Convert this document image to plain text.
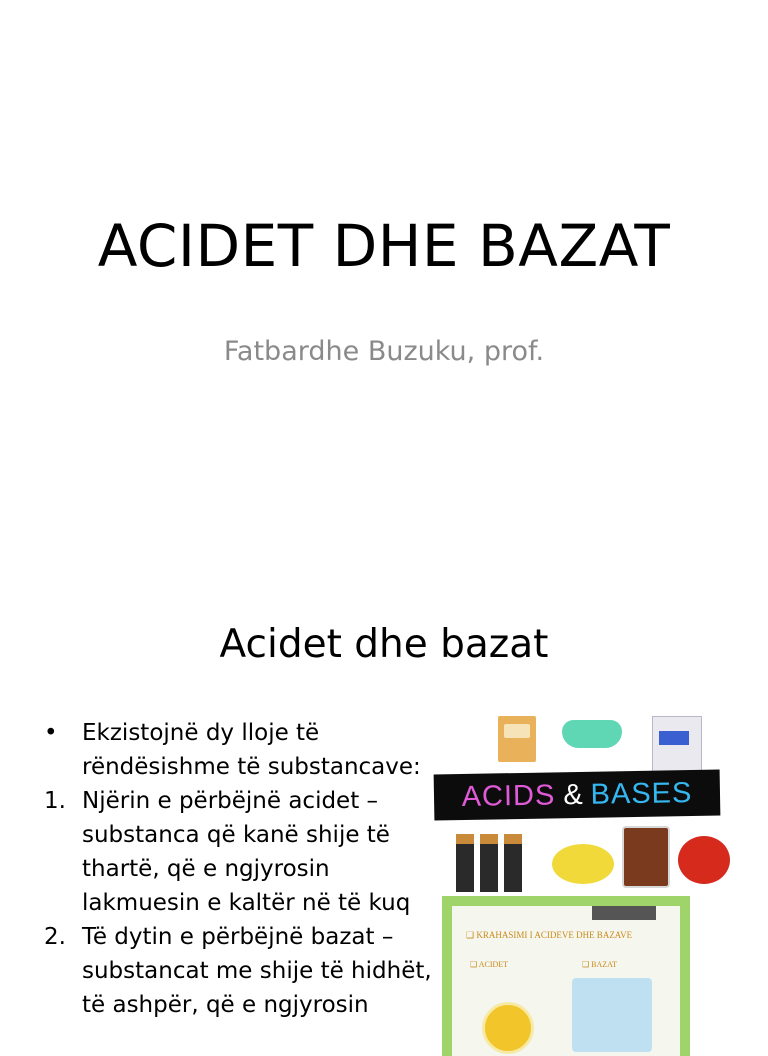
ACIDET DHE BAZAT
Fatbardhe Buzuku, prof.
Acidet dhe bazat
• Ekzistojnë dy lloje të
rëndësishme të substancave:
1. Njërin e përbëjnë acidet –
substanca që kanë shije të
thartë, që e ngjyrosin
lakmuesin e kaltër në të kuq
2. Të dytin e përbëjnë bazat –
substancat me shije të hidhët,
të ashpër, që e ngjyrosin
ACIDS & BASES
❑ KRAHASIMI I ACIDEVE DHE BAZAVE
❑ ACIDET	❑ BAZAT
